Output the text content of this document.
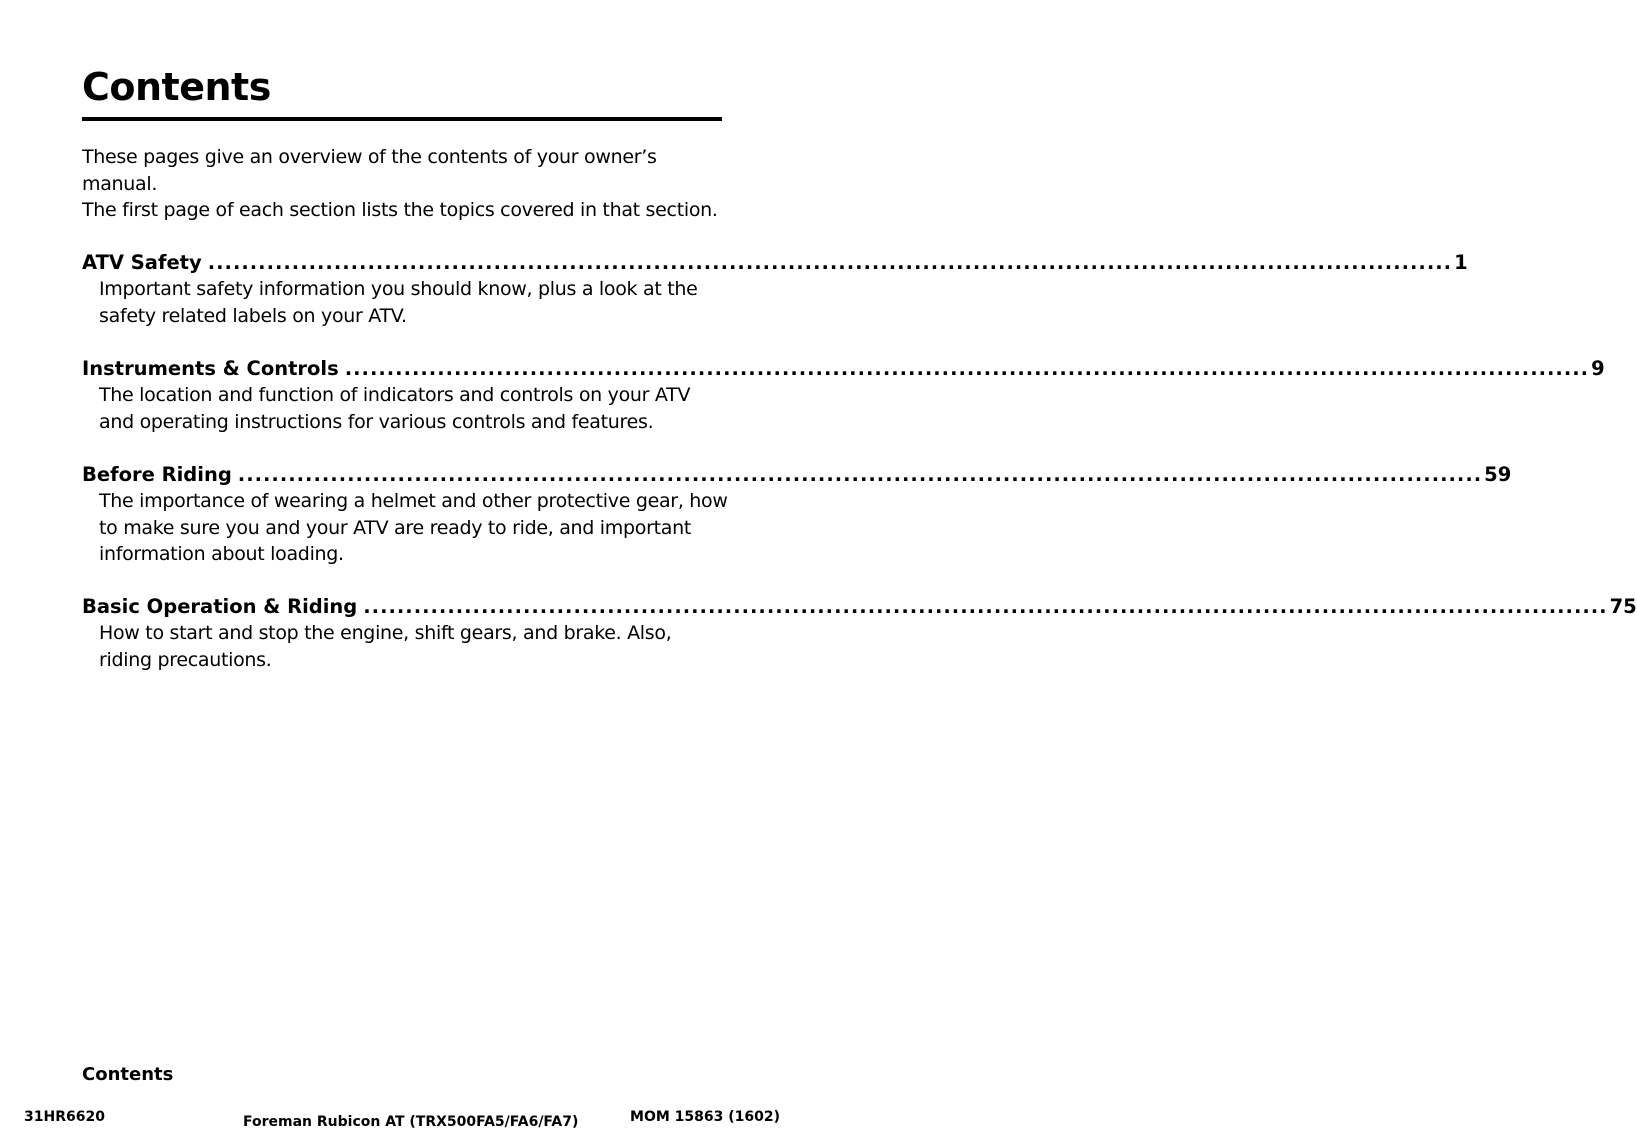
Contents

These pages give an overview of the contents of your owner’s manual.

The first page of each section lists the topics covered in that section.

ATV Safety .................................................................................................................................................... 1

Important safety information you should know, plus a look at the safety related labels on your ATV.

Instruments & Controls .................................................................................................................................................... 9

The location and function of indicators and controls on your ATV and operating instructions for various controls and features.

Before Riding .................................................................................................................................................... 59

The importance of wearing a helmet and other protective gear, how to make sure you and your ATV are ready to ride, and important information about loading.

Basic Operation & Riding .................................................................................................................................................... 75

How to start and stop the engine, shift gears, and brake. Also, riding precautions.

Contents
31HR6620	Foreman Rubicon AT (TRX500FA5/FA6/FA7)	MOM 15863 (1602)
